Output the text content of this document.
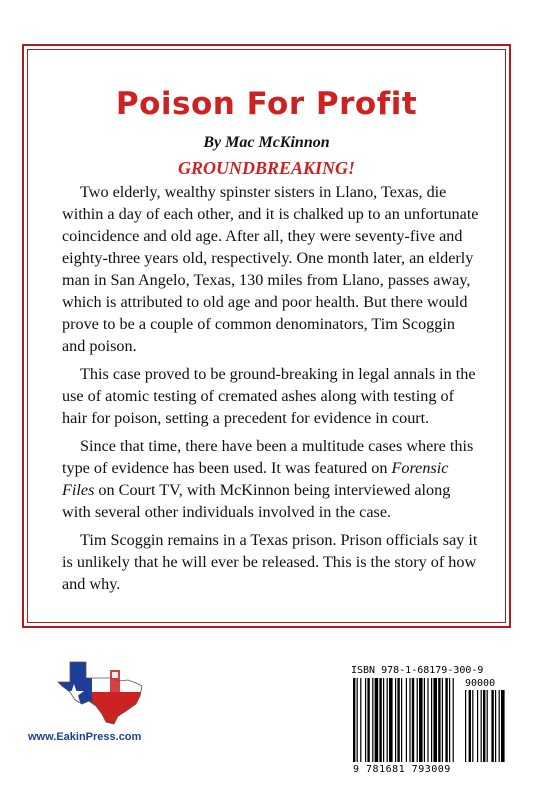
Poison For Profit
By Mac McKinnon
GROUNDBREAKING!

Two elderly, wealthy spinster sisters in Llano, Texas, die within a day of each other, and it is chalked up to an unfortunate coincidence and old age. After all, they were seventy-five and eighty-three years old, respectively. One month later, an elderly man in San Angelo, Texas, 130 miles from Llano, passes away, which is attributed to old age and poor health. But there would prove to be a couple of common denominators, Tim Scoggin and poison.

This case proved to be ground-breaking in legal annals in the use of atomic testing of cremated ashes along with testing of hair for poison, setting a precedent for evidence in court.

Since that time, there have been a multitude cases where this type of evidence has been used. It was featured on Forensic Files on Court TV, with McKinnon being interviewed along with several other individuals involved in the case.

Tim Scoggin remains in a Texas prison. Prison officials say it is unlikely that he will ever be released. This is the story of how and why.

www.EakinPress.com
ISBN 978-1-68179-300-9
90000
9 781681 793009
